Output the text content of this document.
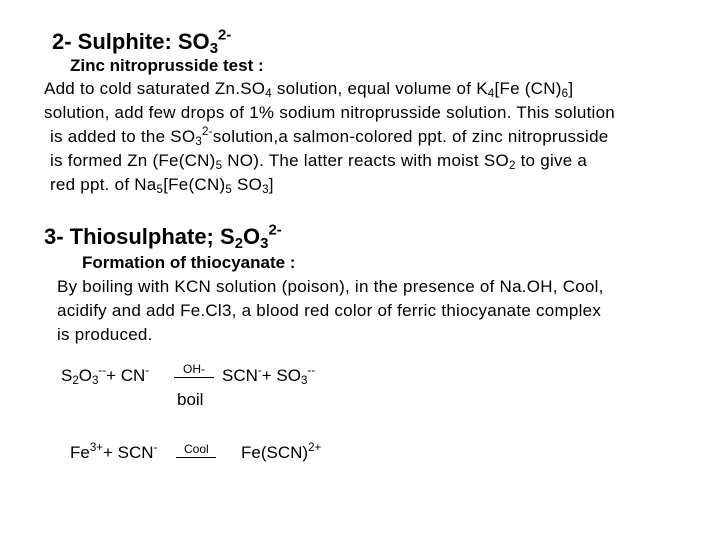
2- Sulphite: $SO_3^{2-}$
Zinc nitroprusside test :
Add to cold saturated $Zn.SO_4$ solution, equal volume of $K_4[Fe$ $(CN)_6$]
solution, add few drops of 1% sodium nitroprusside solution. This solution
is added to the $SO_3^{2-}solution,a$ salmon-colored ppt. of zinc nitroprusside
is formed Zn ($Fe(CN)_5$ NO). The latter reacts with moist $SO_2$ to give a
red ppt. of $Na_5[Fe(CN)_5$ $SO_3$]
3- Thiosulphate; $S_2O_3^{2-}$
Formation of thiocyanate :
By boiling with KCN solution (poison), in the presence of Na.OH, Cool,
acidify and add Fe.Cl3, a blood red color of ferric thiocyanate complex
is produced.
$S_2O_3^{--}+ CN^-$	OH- $SCN^-+ SO_3^{--}$
boil
$Fe^{3+}+ SCN^-$ Cool Fe(SCN)$^{2+}$
